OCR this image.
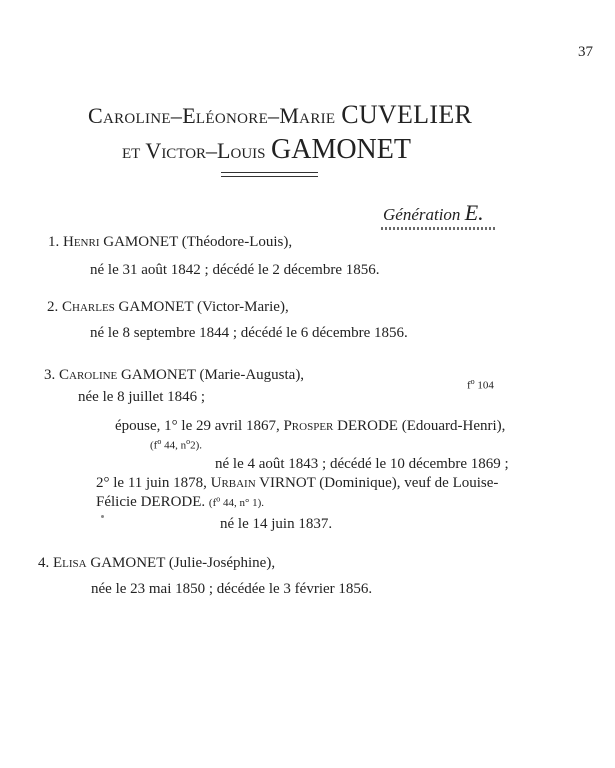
37
Caroline–Eléonore–Marie CUVELIER
et Victor–Louis GAMONET
Génération E.
1. Henri GAMONET (Théodore-Louis),
né le 31 août 1842 ; décédé le 2 décembre 1856.
2. Charles GAMONET (Victor-Marie),
né le 8 septembre 1844 ; décédé le 6 décembre 1856.
3. Caroline GAMONET (Marie-Augusta),
$f^o$ 104
née le 8 juillet 1846 ;
épouse, 1° le 29 avril 1867, Prosper DERODE (Edouard-Henri),
($f^o$ 44, $n^o2$).
né le 4 août 1843 ; décédé le 10 décembre 1869 ;
2° le 11 juin 1878, Urbain VIRNOT (Dominique), veuf de Louise-
Félicie DERODE. ($f^o$ 44, n° 1).
né le 14 juin 1837.
4. Elisa GAMONET (Julie-Joséphine),
née le 23 mai 1850 ; décédée le 3 février 1856.
